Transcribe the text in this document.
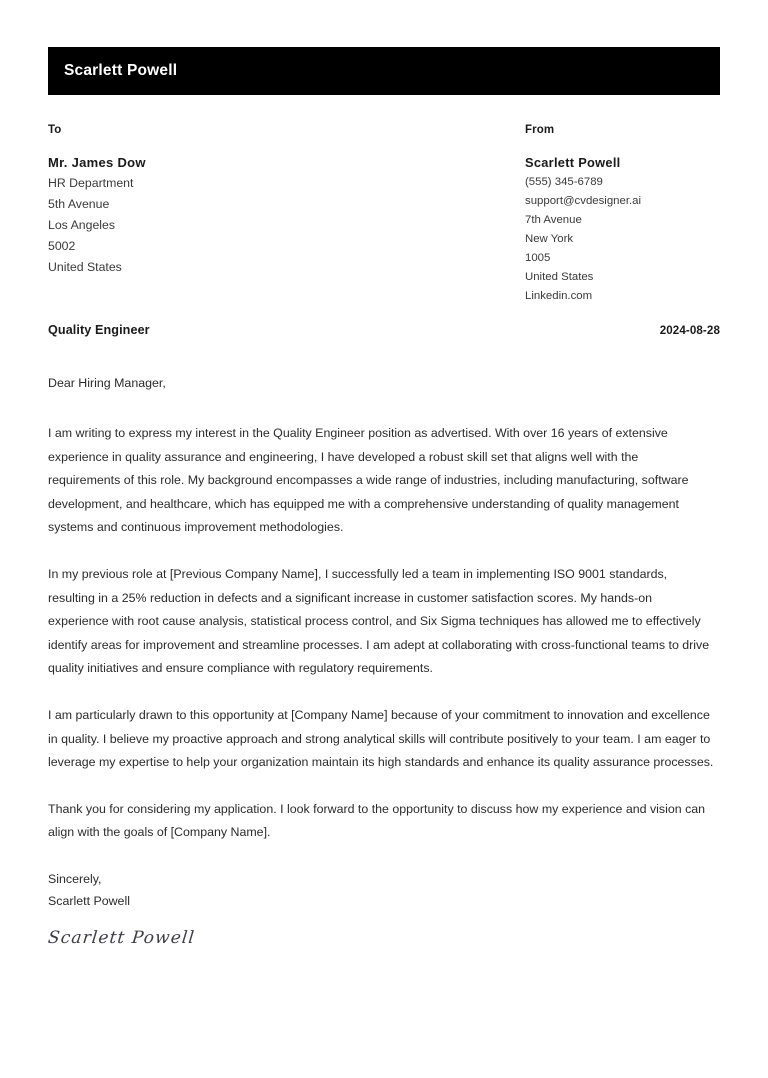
Scarlett Powell
To
Mr. James Dow
HR Department
5th Avenue
Los Angeles
5002
United States
From
Scarlett Powell
(555) 345-6789
support@cvdesigner.ai
7th Avenue
New York
1005
United States
Linkedin.com
Quality Engineer	2024-08-28

Dear Hiring Manager,

I am writing to express my interest in the Quality Engineer position as advertised. With over 16 years of extensive experience in quality assurance and engineering, I have developed a robust skill set that aligns well with the requirements of this role. My background encompasses a wide range of industries, including manufacturing, software development, and healthcare, which has equipped me with a comprehensive understanding of quality management systems and continuous improvement methodologies.

In my previous role at [Previous Company Name], I successfully led a team in implementing ISO 9001 standards, resulting in a 25% reduction in defects and a significant increase in customer satisfaction scores. My hands-on experience with root cause analysis, statistical process control, and Six Sigma techniques has allowed me to effectively identify areas for improvement and streamline processes. I am adept at collaborating with cross-functional teams to drive quality initiatives and ensure compliance with regulatory requirements.

I am particularly drawn to this opportunity at [Company Name] because of your commitment to innovation and excellence in quality. I believe my proactive approach and strong analytical skills will contribute positively to your team. I am eager to leverage my expertise to help your organization maintain its high standards and enhance its quality assurance processes.

Thank you for considering my application. I look forward to the opportunity to discuss how my experience and vision can align with the goals of [Company Name].

Sincerely,
Scarlett Powell
Scarlett Powell
